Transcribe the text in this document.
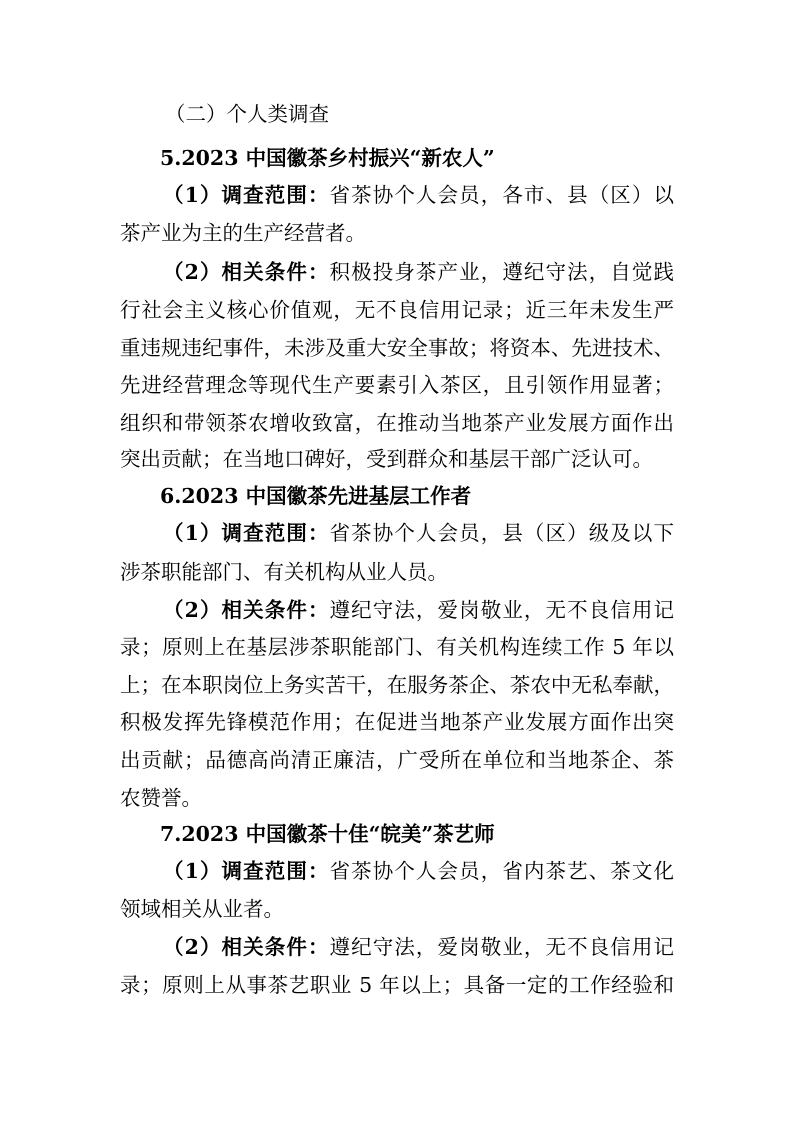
（二）个人类调查
5.2023 中国徽茶乡村振兴“新农人”
（1）调查范围：省茶协个人会员，各市、县（区）以
茶产业为主的生产经营者。
（2）相关条件：积极投身茶产业，遵纪守法，自觉践
行社会主义核心价值观，无不良信用记录；近三年未发生严
重违规违纪事件，未涉及重大安全事故；将资本、先进技术、
先进经营理念等现代生产要素引入茶区，且引领作用显著；
组织和带领茶农增收致富，在推动当地茶产业发展方面作出
突出贡献；在当地口碑好，受到群众和基层干部广泛认可。
6.2023 中国徽茶先进基层工作者
（1）调查范围：省茶协个人会员，县（区）级及以下
涉茶职能部门、有关机构从业人员。
（2）相关条件：遵纪守法，爱岗敬业，无不良信用记
录；原则上在基层涉茶职能部门、有关机构连续工作 5 年以
上；在本职岗位上务实苦干，在服务茶企、茶农中无私奉献，
积极发挥先锋模范作用；在促进当地茶产业发展方面作出突
出贡献；品德高尚清正廉洁，广受所在单位和当地茶企、茶
农赞誉。
7.2023 中国徽茶十佳“皖美”茶艺师
（1）调查范围：省茶协个人会员，省内茶艺、茶文化
领域相关从业者。
（2）相关条件：遵纪守法，爱岗敬业，无不良信用记
录；原则上从事茶艺职业 5 年以上；具备一定的工作经验和
